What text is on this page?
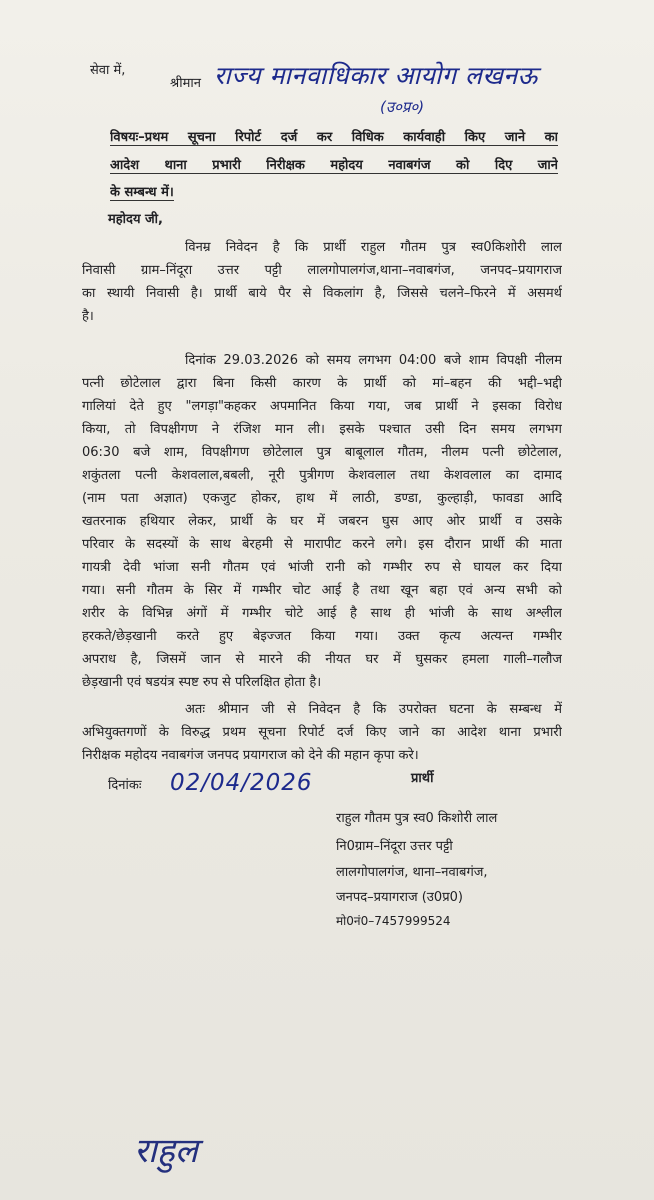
सेवा में,
श्रीमान राज्य मानवाधिकार आयोग लखनऊ
(उ०प्र०)
विषयः–प्रथम सूचना रिपोर्ट दर्ज कर विधिक कार्यवाही किए जाने का
आदेश थाना प्रभारी निरीक्षक महोदय नवाबगंज को दिए जाने
के सम्बन्ध में।
महोदय जी,
विनम्र निवेदन है कि प्रार्थी राहुल गौतम पुत्र स्व0किशोरी लाल
निवासी ग्राम–निंदूरा उत्तर पट्टी लालगोपालगंज,थाना–नवाबगंज, जनपद–प्रयागराज
का स्थायी निवासी है। प्रार्थी बाये पैर से विकलांग है, जिससे चलने–फिरने में असमर्थ
है।
दिनांक 29.03.2026 को समय लगभग 04:00 बजे शाम विपक्षी नीलम
पत्नी छोटेलाल द्वारा बिना किसी कारण के प्रार्थी को मां–बहन की भद्दी–भद्दी
गालियां देते हुए "लगड़ा"कहकर अपमानित किया गया, जब प्रार्थी ने इसका विरोध
किया, तो विपक्षीगण ने रंजिश मान ली। इसके पश्चात उसी दिन समय लगभग
06:30 बजे शाम, विपक्षीगण छोटेलाल पुत्र बाबूलाल गौतम, नीलम पत्नी छोटेलाल,
शकुंतला पत्नी केशवलाल,बबली, नूरी पुत्रीगण केशवलाल तथा केशवलाल का दामाद
(नाम पता अज्ञात) एकजुट होकर, हाथ में लाठी, डण्डा, कुल्हाड़ी, फावडा आदि
खतरनाक हथियार लेकर, प्रार्थी के घर में जबरन घुस आए ओर प्रार्थी व उसके
परिवार के सदस्यों के साथ बेरहमी से मारापीट करने लगे। इस दौरान प्रार्थी की माता
गायत्री देवी भांजा सनी गौतम एवं भांजी रानी को गम्भीर रुप से घायल कर दिया
गया। सनी गौतम के सिर में गम्भीर चोट आई है तथा खून बहा एवं अन्य सभी को
शरीर के विभिन्न अंगों में गम्भीर चोटे आई है साथ ही भांजी के साथ अश्लील
हरकते/छेड़खानी करते हुए बेइज्जत किया गया। उक्त कृत्य अत्यन्त गम्भीर
अपराध है, जिसमें जान से मारने की नीयत घर में घुसकर हमला गाली–गलौज
छेड़खानी एवं षडयंत्र स्पष्ट रुप से परिलक्षित होता है।
अतः श्रीमान जी से निवेदन है कि उपरोक्त घटना के सम्बन्ध में
अभियुक्तगणों के विरुद्ध प्रथम सूचना रिपोर्ट दर्ज किए जाने का आदेश थाना प्रभारी
निरीक्षक महोदय नवाबगंज जनपद प्रयागराज को देने की महान कृपा करे।
दिनांकः 02/04/2026	प्रार्थी
राहुल गौतम पुत्र स्व0 किशोरी लाल
नि0ग्राम–निंदूरा उत्तर पट्टी
लालगोपालगंज, थाना–नवाबगंज,
जनपद–प्रयागराज (उ0प्र0)
मो0नं0–7457999524
राहुल
